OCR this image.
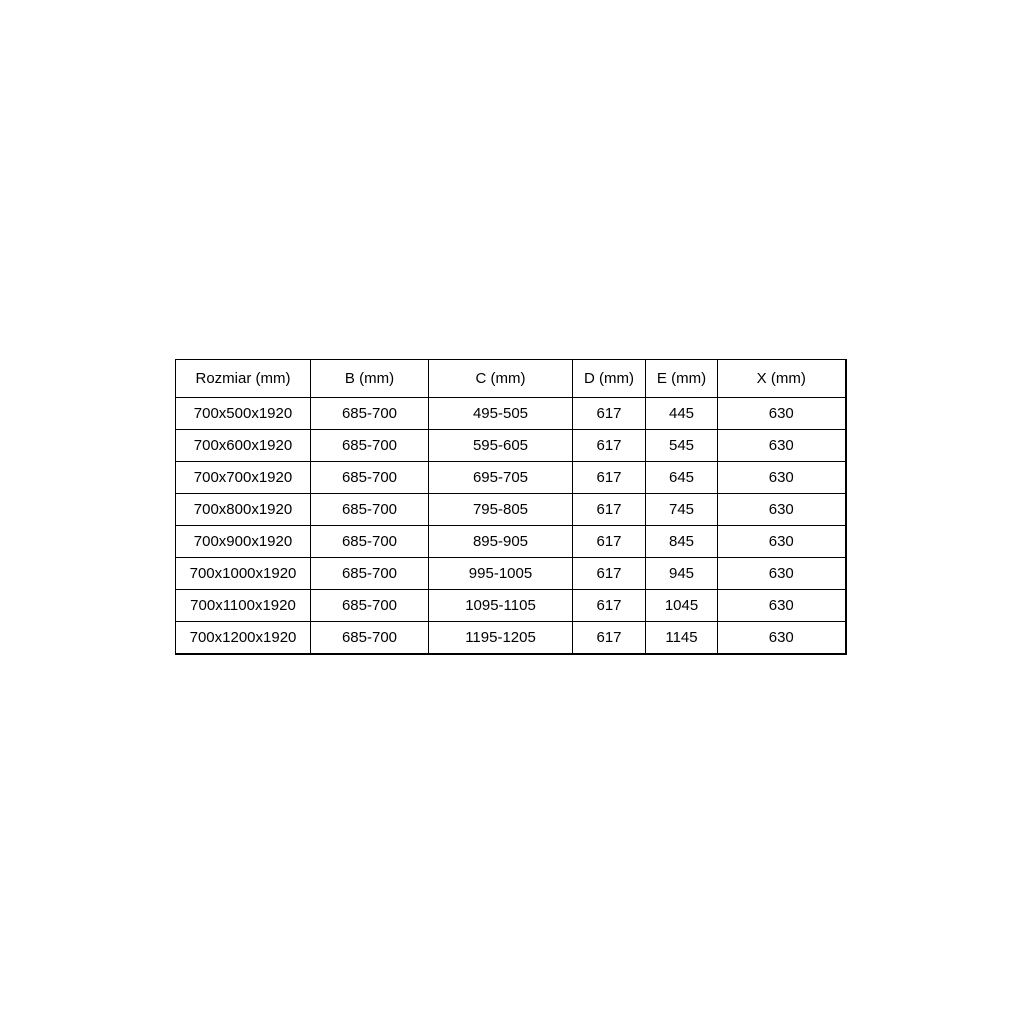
Rozmiar (mm)	B (mm)	C (mm)	D (mm)	E (mm)	X (mm)
700x500x1920	685-700	495-505	617	445	630
700x600x1920	685-700	595-605	617	545	630
700x700x1920	685-700	695-705	617	645	630
700x800x1920	685-700	795-805	617	745	630
700x900x1920	685-700	895-905	617	845	630
700x1000x1920	685-700	995-1005	617	945	630
700x1100x1920	685-700	1095-1105	617	1045	630
700x1200x1920	685-700	1195-1205	617	1145	630
